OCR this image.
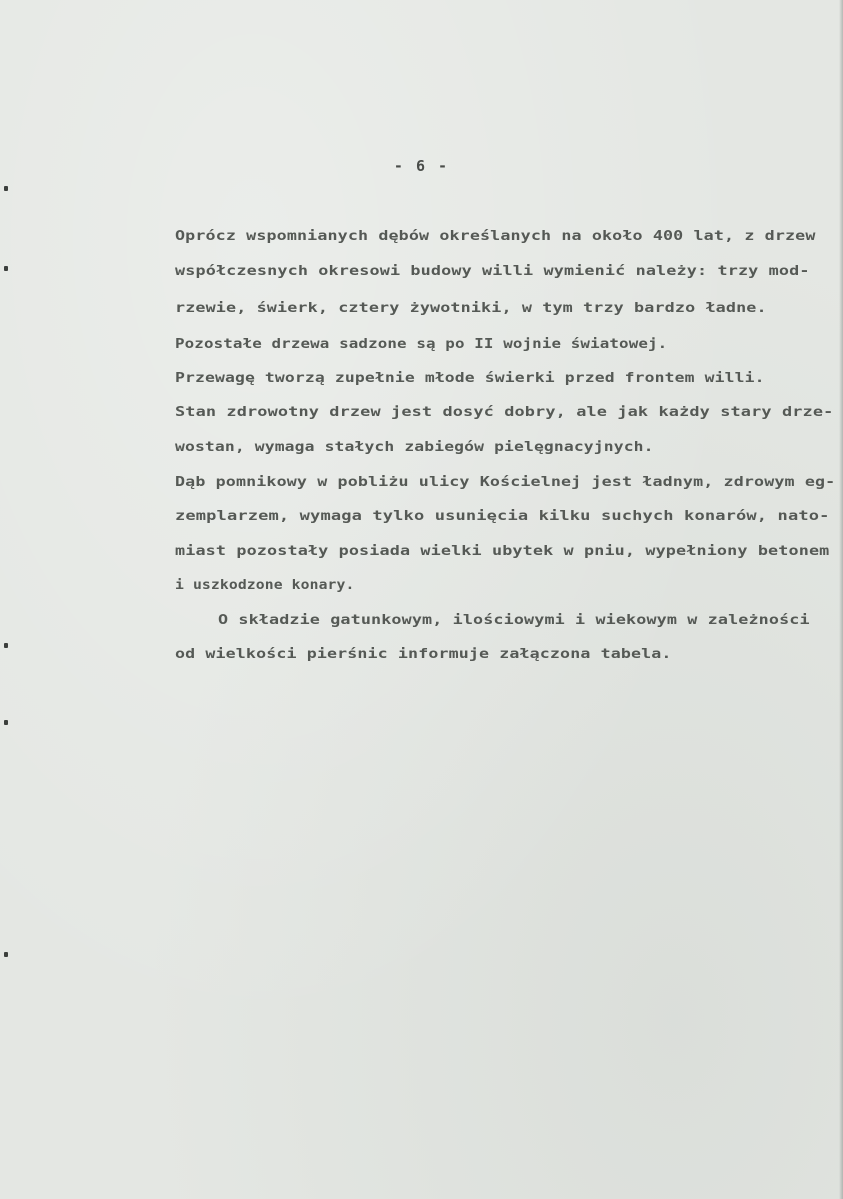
- 6 -
Oprócz wspomnianych dębów określanych na około 400 lat, z drzew
współczesnych okresowi budowy willi wymienić należy: trzy mod-
rzewie, świerk, cztery żywotniki, w tym trzy bardzo ładne.
Pozostałe drzewa sadzone są po II wojnie światowej.
Przewagę tworzą zupełnie młode świerki przed frontem willi.
Stan zdrowotny drzew jest dosyć dobry, ale jak każdy stary drze-
wostan, wymaga stałych zabiegów pielęgnacyjnych.
Dąb pomnikowy w pobliżu ulicy Kościelnej jest ładnym, zdrowym eg-
zemplarzem, wymaga tylko usunięcia kilku suchych konarów, nato-
miast pozostały posiada wielki ubytek w pniu, wypełniony betonem
i uszkodzone konary.
O składzie gatunkowym, ilościowymi i wiekowym w zależności
od wielkości pierśnic informuje załączona tabela.
